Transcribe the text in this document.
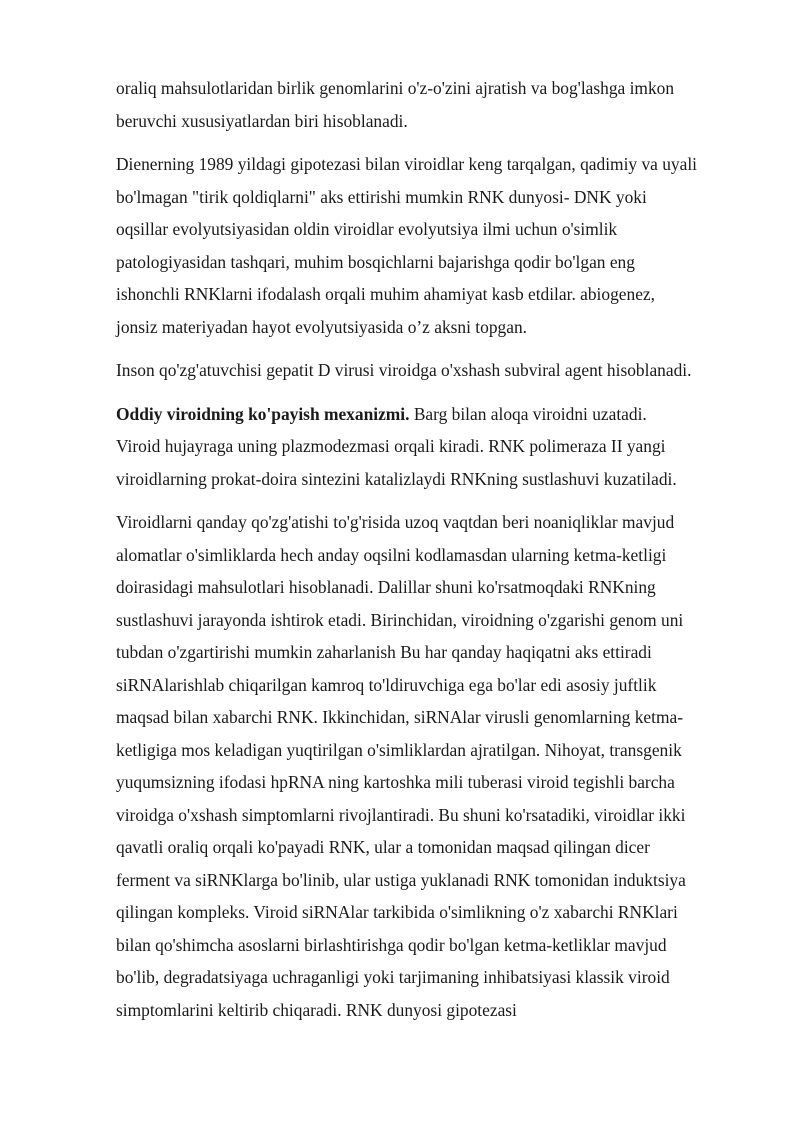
oraliq mahsulotlaridan birlik genomlarini o'z-o'zini ajratish va bog'lashga imkon
beruvchi xususiyatlardan biri hisoblanadi.
Dienerning 1989 yildagi gipotezasi bilan viroidlar keng tarqalgan, qadimiy va uyali
bo'lmagan "tirik qoldiqlarni" aks ettirishi mumkin RNK dunyosi- DNK yoki
oqsillar evolyutsiyasidan oldin viroidlar evolyutsiya ilmi uchun o'simlik
patologiyasidan tashqari, muhim bosqichlarni bajarishga qodir bo'lgan eng
ishonchli RNKlarni ifodalash orqali muhim ahamiyat kasb etdilar. abiogenez,
jonsiz materiyadan hayot evolyutsiyasida o’z aksni topgan.
Inson qo'zg'atuvchisi gepatit D virusi viroidga o'xshash subviral agent hisoblanadi.
Oddiy viroidning ko'payish mexanizmi. Barg bilan aloqa viroidni uzatadi.
Viroid hujayraga uning plazmodezmasi orqali kiradi. RNK polimeraza II yangi
viroidlarning prokat-doira sintezini katalizlaydi RNKning sustlashuvi kuzatiladi.
Viroidlarni qanday qo'zg'atishi to'g'risida uzoq vaqtdan beri noaniqliklar mavjud
alomatlar o'simliklarda hech anday oqsilni kodlamasdan ularning ketma-ketligi
doirasidagi mahsulotlari hisoblanadi. Dalillar shuni ko'rsatmoqdaki RNKning
sustlashuvi jarayonda ishtirok etadi. Birinchidan, viroidning o'zgarishi genom uni
tubdan o'zgartirishi mumkin zaharlanish Bu har qanday haqiqatni aks ettiradi
siRNAlarishlab chiqarilgan kamroq to'ldiruvchiga ega bo'lar edi asosiy juftlik
maqsad bilan xabarchi RNK. Ikkinchidan, siRNAlar virusli genomlarning ketma-
ketligiga mos keladigan yuqtirilgan o'simliklardan ajratilgan. Nihoyat, transgenik
yuqumsizning ifodasi hpRNA ning kartoshka mili tuberasi viroid tegishli barcha
viroidga o'xshash simptomlarni rivojlantiradi. Bu shuni ko'rsatadiki, viroidlar ikki
qavatli oraliq orqali ko'payadi RNK, ular a tomonidan maqsad qilingan dicer
ferment va siRNKlarga bo'linib, ular ustiga yuklanadi RNK tomonidan induktsiya
qilingan kompleks. Viroid siRNAlar tarkibida o'simlikning o'z xabarchi RNKlari
bilan qo'shimcha asoslarni birlashtirishga qodir bo'lgan ketma-ketliklar mavjud
bo'lib, degradatsiyaga uchraganligi yoki tarjimaning inhibatsiyasi klassik viroid
simptomlarini keltirib chiqaradi. RNK dunyosi gipotezasi
